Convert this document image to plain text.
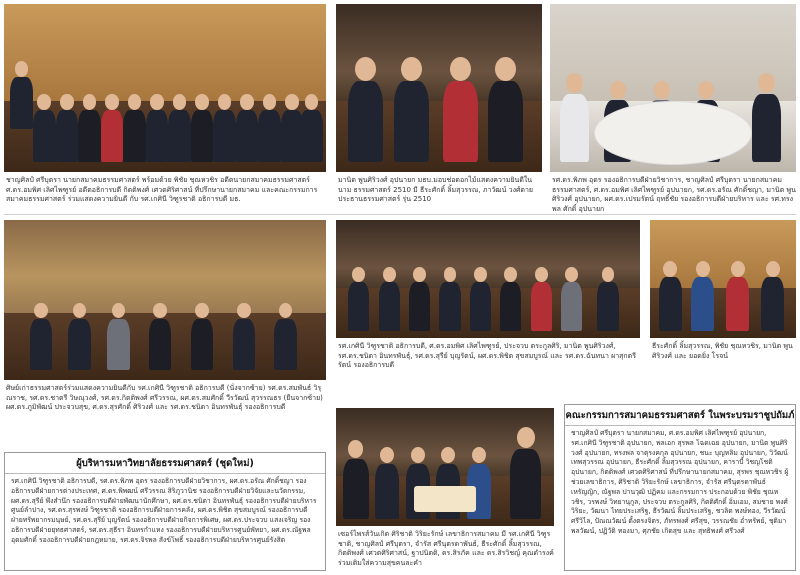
ชาญศิลป์ ศรีบุตรา นายกสมาคมธรรมศาสตร์ พร้อมด้วย พิชัย ชุณหวชิร อดีตนายกสมาคมธรรมศาสตร์ ศ.ดร.อมพิศ เลิศไพฑูรย์ อดีตอธิการบดี กิตติพงศ์ เศวตศิริศาสน์ ที่ปรึกษานายกสมาคม และคณะกรรมการสมาคมธรรมศาสตร์ ร่วมแสดงความยินดี กับ รศ.เกศินี วิฑูรชาติ อธิการบดี มธ.
มานิต พูนศิริวงศ์ อุปนายก มธบ.มอบช่อดอกไม้แสดงความยินดีในนาม ธรรมศาสตร์ 2510 มี ธีระศักดิ์ ลิ้มสุวรรณ, ภาวัฒน์ วงศ์ตาย ประธานธรรมศาสตร์ รุ่น 2510
รศ.ดร.พิภพ อุดร รองอธิการบดีฝ่ายวิชาการ, ชาญศิลป์ ศรีบุตรา นายกสมาคมธรรมศาสตร์, ศ.ดร.อมพิศ เลิศไพฑูรย์ อุปนายก, รศ.ดร.อรัณ ศักดิ์ชญา, มานิต พูนศิริวงศ์ อุปนายก, ผศ.ดร.เปรมรัตน์ ฤทธิ์ชัย รองอธิการบดีฝ่ายบริหาร และ รศ.ทรงพล ศักดิ์ อุปนายก
ศิษย์เก่าธรรมศาสตร์ร่วมแสดงความยินดีกับ รศ.เกศินี วิฑูรชาติ อธิการบดี (นั่งจากซ้าย) รศ.ดร.สมพันธ์ วิรุณราช, รศ.ดร.ชาตรี วิษณุวงศ์, รศ.ดร.กิตติพงศ์ ศรีวรรณ, ผศ.ดร.สมศักดิ์ วีรวัฒน์ สุวรรณธร (ยืนจากซ้าย) ผศ.ดร.ภูมิพัฒน์ ประจวบสุข, ศ.ดร.สุรศักดิ์ ศิริวงศ์ และ รศ.ดร.ชนิตา อินทรพันธุ์ รองอธิการบดี
รศ.เกศินี วิฑูรชาติ อธิการบดี, ศ.ดร.อมพิศ เลิศไพฑูรย์, ประจวบ ตระกูลศิริ, มานิต พูนศิริวงศ์, รศ.ดร.ชนิตา อินทรพันธุ์, รศ.ดร.สุรีย์ บุญรัตน์, ผศ.ดร.พิชิต สุขสมบูรณ์ และ รศ.ดร.ฉันทนา ผาสุกตรีรัตน์ รองอธิการบดี
ธีระศักดิ์ ลิ้มสุวรรณ, พิชัย ชุณหวชิร, มานิต พูนศิริวงศ์ และ ยอดยิ่ง โรจน์
เซอร์ไพรส์วันเกิด ศิริชาติ วิริยะรักษ์ เลขาธิการสมาคม มี รศ.เกศินี วิฑูรชาติ, ชาญศิลป์ ศรีบุตรา, จำรัส ศรีนุตรดาพันธ์, ธีระศักดิ์ ลิ้มสุวรรณ, กิตติพงศ์ เศวตศิริศาสน์, ฐาปนิตติ, ดร.สิรภัค และ ดร.สิรวิชญ์ คุณดำรงค์ ร่วมเติมใส่ความสุขคนละคำ
ผู้บริหารมหาวิทยาลัยธรรมศาสตร์ (ชุดใหม่)
รศ.เกศินี วิฑูรชาติ อธิการบดี, รศ.ดร.พิภพ อุดร รองอธิการบดีฝ่ายวิชาการ, ผศ.ดร.อรัณ ศักดิ์ชญา รองอธิการบดีฝ่ายการต่างประเทศ, ศ.ดร.พิพฒน์ ศรีวรรณ สิริภูวานิช รองอธิการบดีฝ่ายวิจัยและนวัตกรรม, ผศ.ดร.สุรีย์ พึงสำนึก รองอธิการบดีฝ่ายพัฒนานักศึกษา, ผศ.ดร.ชนิตา อินทรพันธุ์ รองอธิการบดีฝ่ายบริหารศูนย์ลำปาง, รศ.ดร.สุรพงษ์ วิฑูรชาติ รองอธิการบดีฝ่ายการคลัง, ผศ.ดร.พิชิต สุขสมบูรณ์ รองอธิการบดีฝ่ายทรัพยากรมนุษย์, รศ.ดร.สุรีย์ บุญรัตน์ รองอธิการบดีฝ่ายกิจการพิเศษ, ผศ.ดร.ประจวบ แสงเจริญ รองอธิการบดีฝ่ายยุทธศาสตร์, รศ.ดร.สุธีรา อินทรกำแหง รองอธิการบดีฝ่ายบริหารศูนย์พัทยา, ผศ.ดร.ณัฐพล อุดมศักดิ์ รองอธิการบดีฝ่ายกฎหมาย, รศ.ดร.จิรพล สังข์โพธิ์ รองอธิการบดีฝ่ายบริหารศูนย์รังสิต
คณะกรรมการสมาคมธรรมศาสตร์ ในพระบรมราชูปถัมภ์
ชาญศิลป์ ศรีบุตรา นายกสมาคม, ศ.ดร.อมพิศ เลิศไพฑูรย์ อุปนายก, รศ.เกศินี วิฑูรชาติ อุปนายก, พลเอก สุรพล โฉดเฉย อุปนายก, มานิต พูนศิริวงศ์ อุปนายก, ทรงพล จาตุรงคกุล อุปนายก, ชนะ บุญหลิม อุปนายก, วิวัฒน์ เทพสุวรรณ อุปนายก, ธีระศักดิ์ ลิ้มสุวรรณ อุปนายก, คาราบี้ วิชญโชติ อุปนายก, กิตติพงศ์ เศวตศิริศาสน์ ที่ปรึกษานายกสมาคม, สุรพร ชุณหวชิร ผู้ช่วยเลขาธิการ, ศิริชาติ วิริยะรักษ์ เลขาธิการ, จำรัส ศรีนุตรดาพันธ์ เหรัญญิก, ณัฐพล ปานวุฒิ ปฏิคม และกรรมการ ประกอบด้วย พิชัย ชุณหวชิร, วรพงษ์ วิทยานุกูล, ประจวบ ตระกูลศิริ, กิตติศักดิ์ อิ่มเอม, สมชาย พงศ์วิริยะ, วัฒนา ไทยประเสริฐ, ธีรวัฒน์ ลิ้มประเสริฐ, ชวลิต พงษ์ทอง, วีรวัฒน์ ศรีวิไล, ปัณณวัฒน์ ตั้งตรงจิตร, ภัทรพงศ์ ศรีสุข, วรรณชัย อ่ำทรัพย์, ชุติมา พลวัฒน์, ปฏิวัติ ทองมา, ศุภชัย เกิดสุข และ สุทธิพงศ์ ศรีวงศ์
